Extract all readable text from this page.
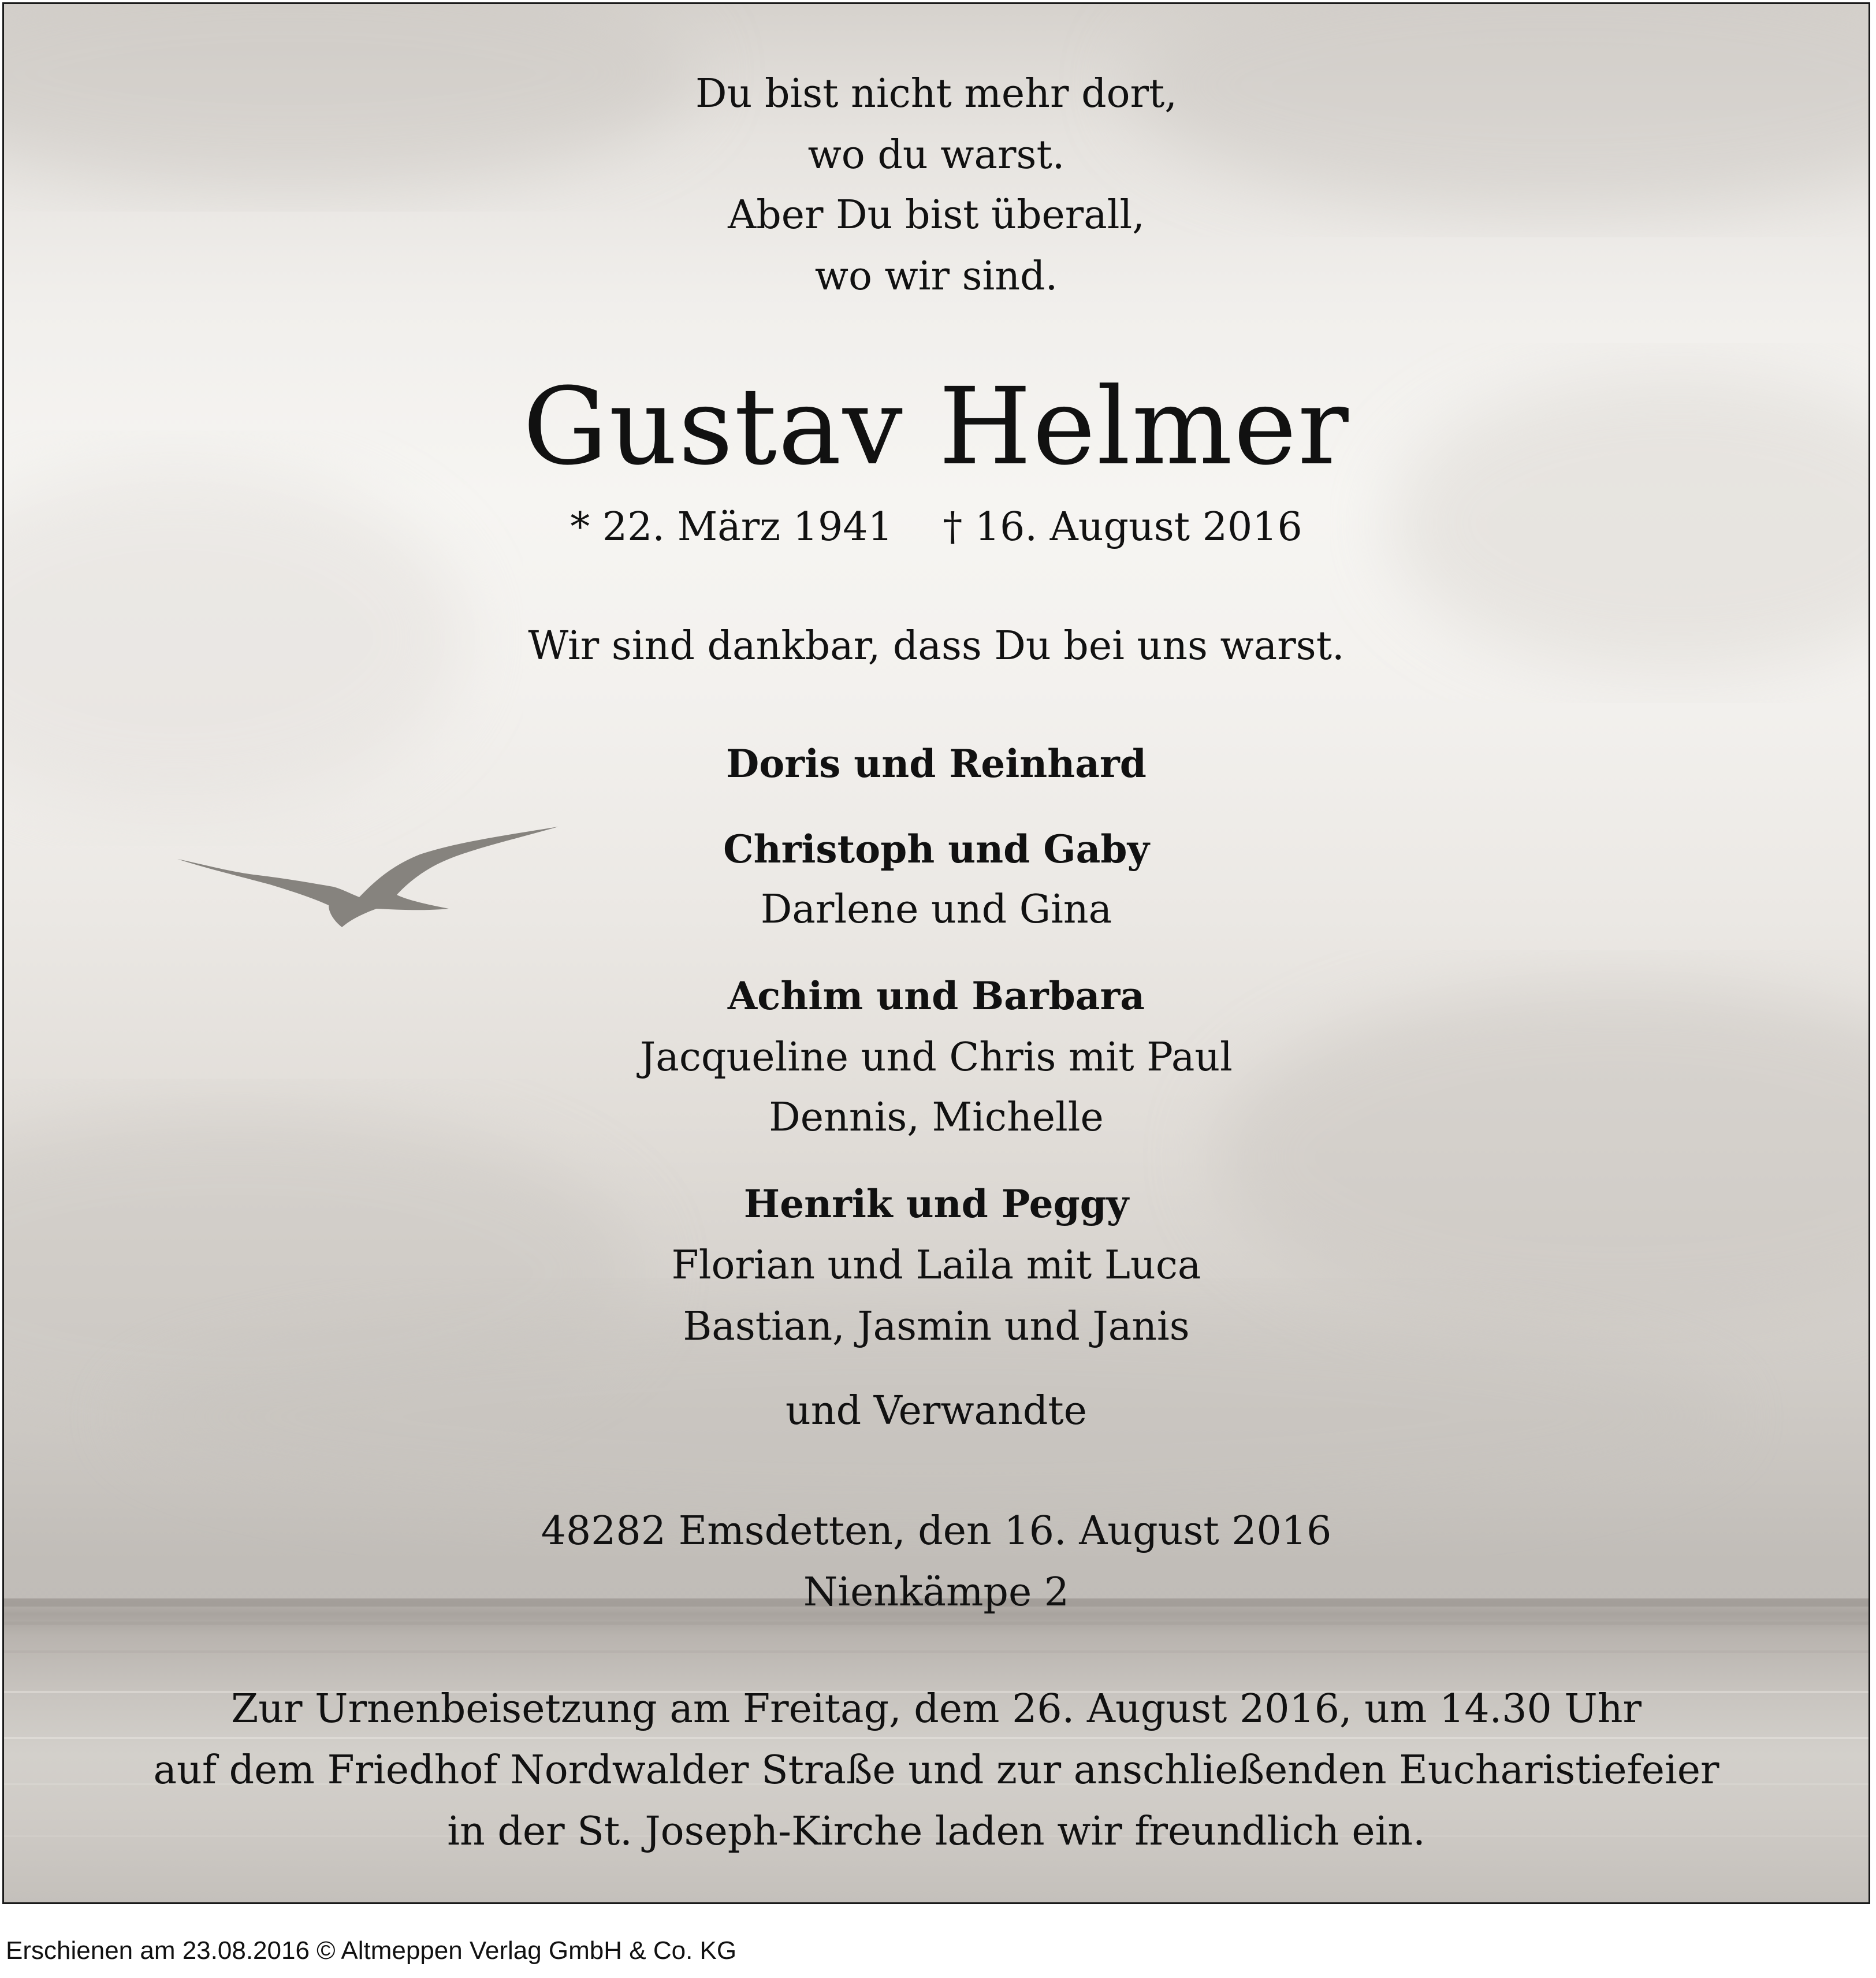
Du bist nicht mehr dort,
wo du warst.
Aber Du bist überall,
wo wir sind.
Gustav Helmer
* 22. März 1941    † 16. August 2016
Wir sind dankbar, dass Du bei uns warst.
Doris und Reinhard
Christoph und Gaby
Darlene und Gina
Achim und Barbara
Jacqueline und Chris mit Paul
Dennis, Michelle
Henrik und Peggy
Florian und Laila mit Luca
Bastian, Jasmin und Janis
und Verwandte
48282 Emsdetten, den 16. August 2016
Nienkämpe 2
Zur Urnenbeisetzung am Freitag, dem 26. August 2016, um 14.30 Uhr
auf dem Friedhof Nordwalder Straße und zur anschließenden Eucharistiefeier
in der St. Joseph-Kirche laden wir freundlich ein.
Erschienen am 23.08.2016 © Altmeppen Verlag GmbH & Co. KG
